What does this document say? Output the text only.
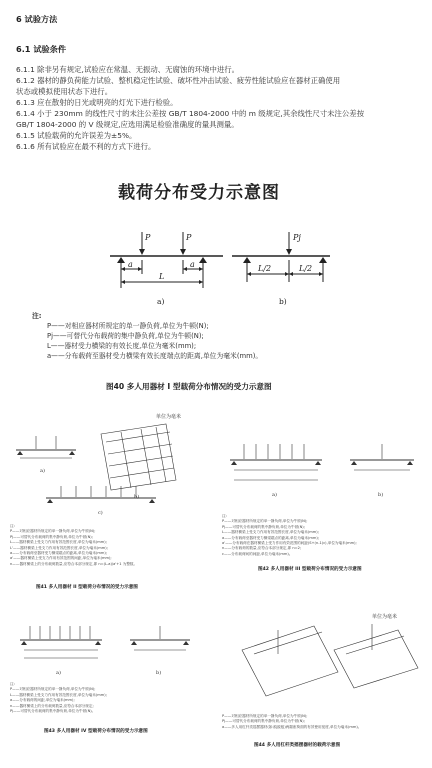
6 试验方法
6.1 试验条件
6.1.1 除非另有规定,试验应在常温、无振动、无腐蚀的环境中进行。
6.1.2 器材的静负荷能力试验、整机稳定性试验、破坏性冲击试验、疲劳性能试验应在器材正确使用
状态或模拟使用状态下进行。
6.1.3 应在散射的日光或明亮的灯光下进行检验。
6.1.4 小于 230mm 的线性尺寸的未注公差按 GB/T 1804-2000 中的 m 级规定,其余线性尺寸未注公差按
GB/T 1804-2000 的 V 级规定,应选用满足检验准确度的量具测量。
6.1.5 试验载荷的允许误差为±5%。
6.1.6 所有试验应在最不利的方式下进行。
载荷分布受力示意图
P	P	Pj
a	a
L
L/2	L/2
a)	b)
注:
P——对相应器材所规定的单一静负荷,单位为牛顿(N);
Pj——可替代分布载荷的集中静负荷,单位为牛顿(N);
L——器材受力横梁的有效长度,单位为毫米(mm);
a——分布载荷至器材受力横梁有效长度端点的距离,单位为毫米(mm)。
图40 多人用器材 I 型载荷分布情况的受力示意图
a)
b)
c)
单位为毫米
注:
P——对相应器材所规定的单一静负荷,单位为牛顿(N);
Pj——可替代分布载荷的集中静负荷,单位为牛顿(N);
L——器材横梁上受支力作用有效范围长度,单位为毫米(mm);
L'——器材横梁上受支力作用有效范围长度,单位为毫米(mm);
a——分布载荷至器材受力横梁端点的距离,单位为毫米(mm);
a'——器材横梁上受支力作用有效范围的间距,单位为毫米(mm);
n——器材横梁上的分布载荷数量,应符合本部分规定,即 n=(L-a)/a'+1 为整数。
图41 多人用器材 II 型载荷分布情况的受力示意图
a)	b)
注:
P——对相应器材所规定的单一静负荷,单位为牛顿(N);
Pj——可替代分布载荷的集中静负荷,单位为牛顿(N);
L——器材横梁上受支力作用有效范围长度,单位为毫米(mm);
a——分布载荷至器材受力横梁端点的距离,单位为毫米(mm);
a'——分布载荷在器材横梁上受力作用有效范围的间距(S+(n-1)c),单位为毫米(mm);
n——分布载荷的数量,应符合本部分规定,即 n=2;
c——分布载荷间的间距,单位为毫米(mm)。
图42 多人用器材 III 型载荷分布情况的受力示意图
a)	b)
注:
P——对相应器材所规定的单一静负荷,单位为牛顿(N);
L——器材横梁上受支力作用有效范围长度,单位为毫米(mm);
a——分布载荷的间距,单位为毫米(mm);
n——器材横梁上的分布载荷数量,应符合本部分规定;
Pj——可替代分布载荷的集中静负荷,单位为牛顿(N)。
图43 多人用器材 IV 型载荷分布情况的受力示意图
单位为毫米
P——对相应器材所规定的单一静负荷,单位为牛顿(N);
Pj——可替代分布载荷的集中静负荷,单位为牛顿(N);
a——多人用杠杆类摇摆器材(如:跷跷板)两端座椅面的有效使用宽度,单位为毫米(mm)。
图44 多人用杠杆类摇摆器材的载荷示意图
